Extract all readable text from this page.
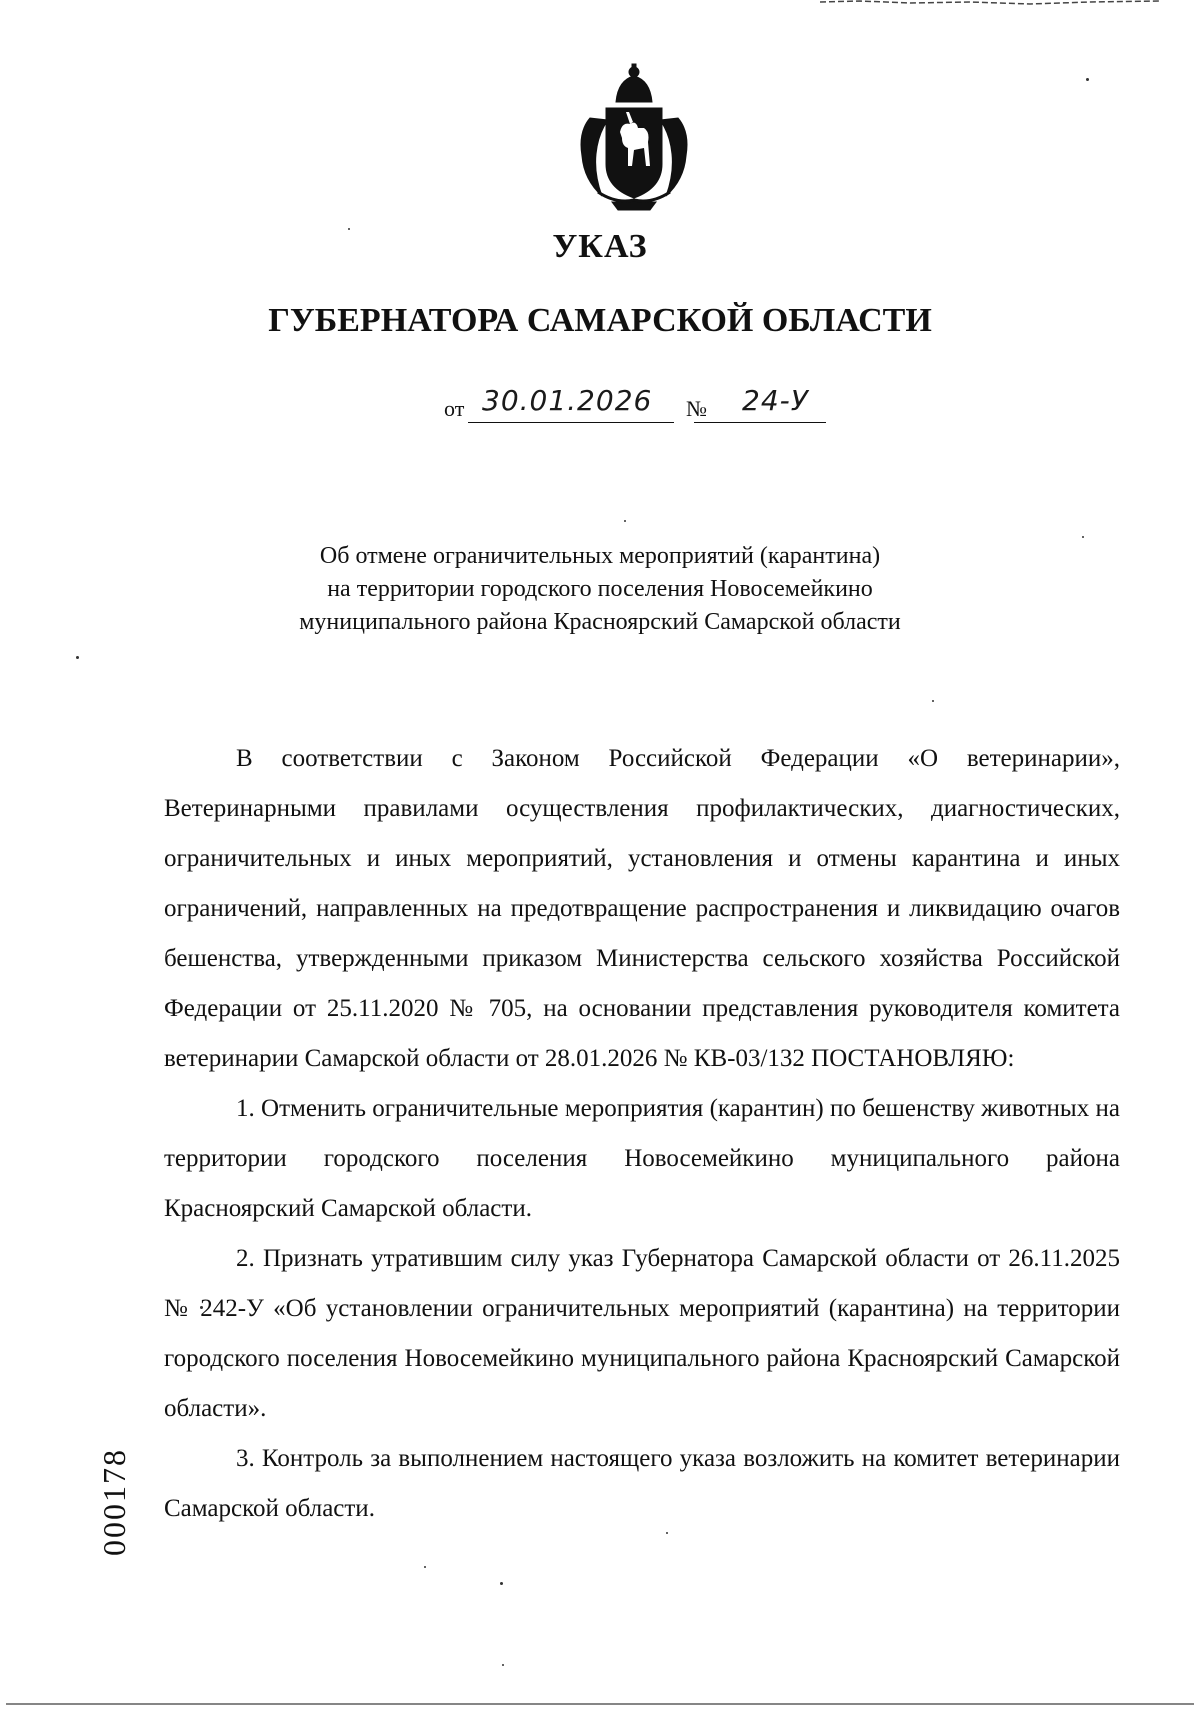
УКАЗ
ГУБЕРНАТОРА САМАРСКОЙ ОБЛАСТИ
от 30.01.2026 № 24-У
Об отмене ограничительных мероприятий (карантина)
на территории городского поселения Новосемейкино
муниципального района Красноярский Самарской области

В соответствии с Законом Российской Федерации «О ветеринарии», Ветеринарными правилами осуществления профилактических, диагностических, ограничительных и иных мероприятий, установления и отмены карантина и иных ограничений, направленных на предотвращение распространения и ликвидацию очагов бешенства, утвержденными приказом Министерства сельского хозяйства Российской Федерации от 25.11.2020 № 705, на основании представления руководителя комитета ветеринарии Самарской области от 28.01.2026 № КВ-03/132 ПОСТАНОВЛЯЮ:

1. Отменить ограничительные мероприятия (карантин) по бешенству животных на территории городского поселения Новосемейкино муниципального района Красноярский Самарской области.

2. Признать утратившим силу указ Губернатора Самарской области от 26.11.2025 № 242-У «Об установлении ограничительных мероприятий (карантина) на территории городского поселения Новосемейкино муниципального района Красноярский Самарской области».

3. Контроль за выполнением настоящего указа возложить на комитет ветеринарии Самарской области.

000178
